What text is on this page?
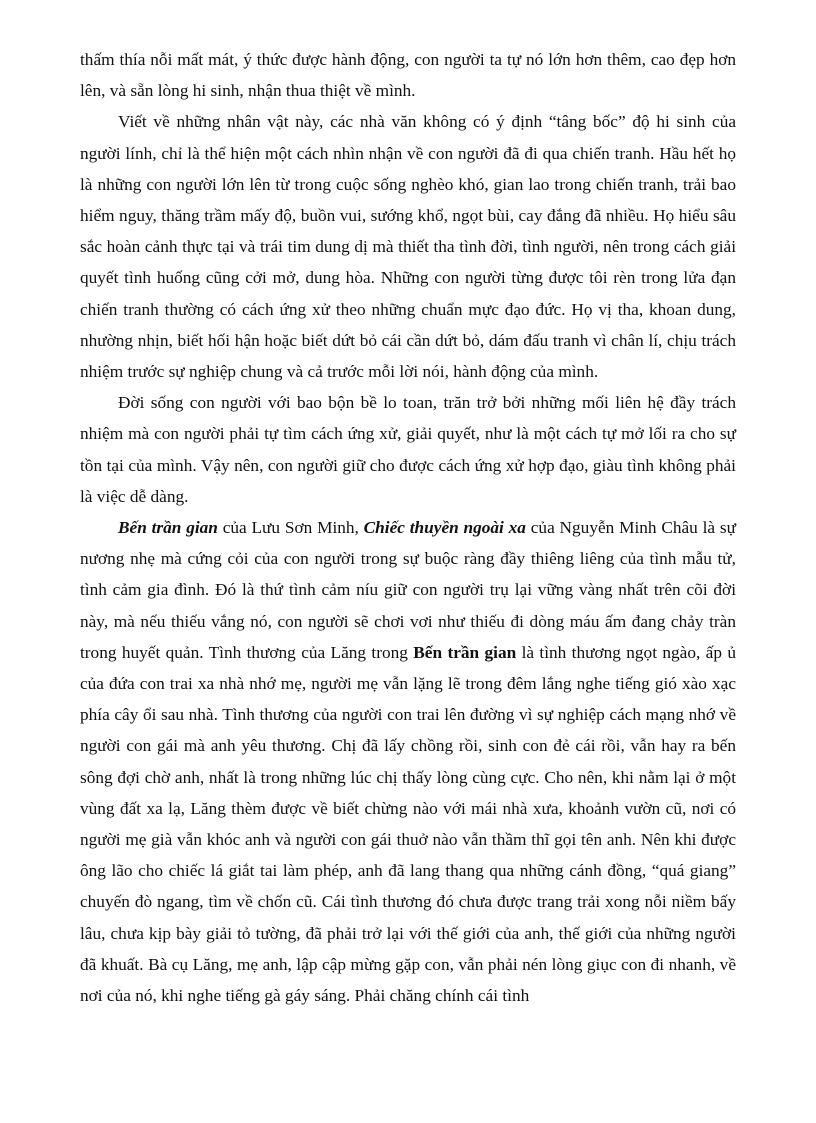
thấm thía nỗi mất mát, ý thức được hành động, con người ta tự nó lớn hơn thêm, cao đẹp hơn lên, và sẵn lòng hi sinh, nhận thua thiệt về mình.

Viết về những nhân vật này, các nhà văn không có ý định “tâng bốc” độ hi sinh của người lính, chỉ là thể hiện một cách nhìn nhận về con người đã đi qua chiến tranh. Hầu hết họ là những con người lớn lên từ trong cuộc sống nghèo khó, gian lao trong chiến tranh, trải bao hiểm nguy, thăng trầm mấy độ, buồn vui, sướng khổ, ngọt bùi, cay đắng đã nhiều. Họ hiểu sâu sắc hoàn cảnh thực tại và trái tim dung dị mà thiết tha tình đời, tình người, nên trong cách giải quyết tình huống cũng cởi mở, dung hòa. Những con người từng được tôi rèn trong lửa đạn chiến tranh thường có cách ứng xử theo những chuẩn mực đạo đức. Họ vị tha, khoan dung, nhường nhịn, biết hối hận hoặc biết dứt bỏ cái cần dứt bỏ, dám đấu tranh vì chân lí, chịu trách nhiệm trước sự nghiệp chung và cả trước mỗi lời nói, hành động của mình.

Đời sống con người với bao bộn bề lo toan, trăn trở bởi những mối liên hệ đầy trách nhiệm mà con người phải tự tìm cách ứng xử, giải quyết, như là một cách tự mở lối ra cho sự tồn tại của mình. Vậy nên, con người giữ cho được cách ứng xử hợp đạo, giàu tình không phải là việc dễ dàng.

Bến trần gian của Lưu Sơn Minh, Chiếc thuyền ngoài xa của Nguyễn Minh Châu là sự nương nhẹ mà cứng cỏi của con người trong sự buộc ràng đầy thiêng liêng của tình mẫu tử, tình cảm gia đình. Đó là thứ tình cảm níu giữ con người trụ lại vững vàng nhất trên cõi đời này, mà nếu thiếu vắng nó, con người sẽ chơi vơi như thiếu đi dòng máu ấm đang chảy tràn trong huyết quản. Tình thương của Lăng trong Bến trần gian là tình thương ngọt ngào, ấp ủ của đứa con trai xa nhà nhớ mẹ, người mẹ vẫn lặng lẽ trong đêm lắng nghe tiếng gió xào xạc phía cây ổi sau nhà. Tình thương của người con trai lên đường vì sự nghiệp cách mạng nhớ về người con gái mà anh yêu thương. Chị đã lấy chồng rồi, sinh con đẻ cái rồi, vẫn hay ra bến sông đợi chờ anh, nhất là trong những lúc chị thấy lòng cùng cực. Cho nên, khi nằm lại ở một vùng đất xa lạ, Lăng thèm được về biết chừng nào với mái nhà xưa, khoảnh vườn cũ, nơi có người mẹ già vẫn khóc anh và người con gái thuở nào vẫn thầm thĩ gọi tên anh. Nên khi được ông lão cho chiếc lá giắt tai làm phép, anh đã lang thang qua những cánh đồng, “quá giang” chuyến đò ngang, tìm về chốn cũ. Cái tình thương đó chưa được trang trải xong nỗi niềm bấy lâu, chưa kịp bày giải tỏ tường, đã phải trở lại với thế giới của anh, thế giới của những người đã khuất. Bà cụ Lăng, mẹ anh, lập cập mừng gặp con, vẫn phải nén lòng giục con đi nhanh, về nơi của nó, khi nghe tiếng gà gáy sáng. Phải chăng chính cái tình
